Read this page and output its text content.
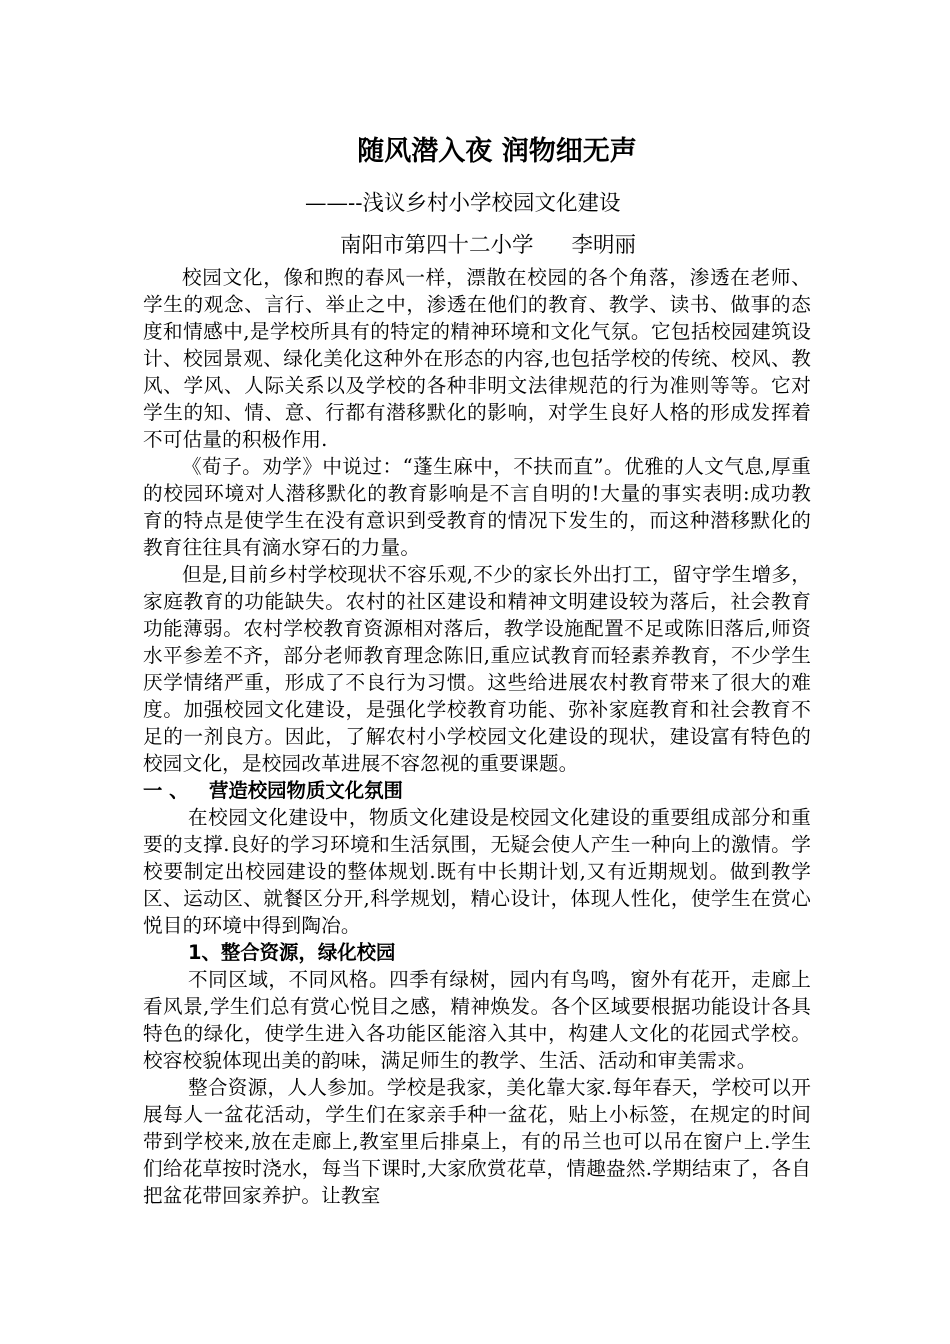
随风潜入夜 润物细无声
——--浅议乡村小学校园文化建设
南阳市第四十二小学 李明丽

校园文化，像和煦的春风一样，漂散在校园的各个角落，渗透在老师、学生的观念、言行、举止之中，渗透在他们的教育、教学、读书、做事的态度和情感中,是学校所具有的特定的精神环境和文化气氛。它包括校园建筑设计、校园景观、绿化美化这种外在形态的内容,也包括学校的传统、校风、教风、学风、人际关系以及学校的各种非明文法律规范的行为准则等等。它对学生的知、情、意、行都有潜移默化的影响，对学生良好人格的形成发挥着不可估量的积极作用.

《荀子。劝学》中说过：“蓬生麻中，不扶而直”。优雅的人文气息,厚重的校园环境对人潜移默化的教育影响是不言自明的!大量的事实表明:成功教育的特点是使学生在没有意识到受教育的情况下发生的，而这种潜移默化的教育往往具有滴水穿石的力量。

但是,目前乡村学校现状不容乐观,不少的家长外出打工，留守学生增多，家庭教育的功能缺失。农村的社区建设和精神文明建设较为落后，社会教育功能薄弱。农村学校教育资源相对落后，教学设施配置不足或陈旧落后,师资水平参差不齐，部分老师教育理念陈旧,重应试教育而轻素养教育，不少学生厌学情绪严重，形成了不良行为习惯。这些给进展农村教育带来了很大的难度。加强校园文化建设，是强化学校教育功能、弥补家庭教育和社会教育不足的一剂良方。因此，了解农村小学校园文化建设的现状，建设富有特色的校园文化，是校园改革进展不容忽视的重要课题。

一 、 营造校园物质文化氛围

在校园文化建设中，物质文化建设是校园文化建设的重要组成部分和重要的支撑.良好的学习环境和生活氛围，无疑会使人产生一种向上的激情。学校要制定出校园建设的整体规划.既有中长期计划,又有近期规划。做到教学区、运动区、就餐区分开,科学规划，精心设计，体现人性化，使学生在赏心悦目的环境中得到陶冶。

1、整合资源，绿化校园

不同区域，不同风格。四季有绿树，园内有鸟鸣，窗外有花开，走廊上看风景,学生们总有赏心悦目之感，精神焕发。各个区域要根据功能设计各具特色的绿化，使学生进入各功能区能溶入其中，构建人文化的花园式学校。校容校貌体现出美的韵味，满足师生的教学、生活、活动和审美需求。

整合资源，人人参加。学校是我家，美化靠大家.每年春天，学校可以开展每人一盆花活动，学生们在家亲手种一盆花，贴上小标签，在规定的时间带到学校来,放在走廊上,教室里后排桌上，有的吊兰也可以吊在窗户上.学生们给花草按时浇水，每当下课时,大家欣赏花草，情趣盎然.学期结束了，各自把盆花带回家养护。让教室
